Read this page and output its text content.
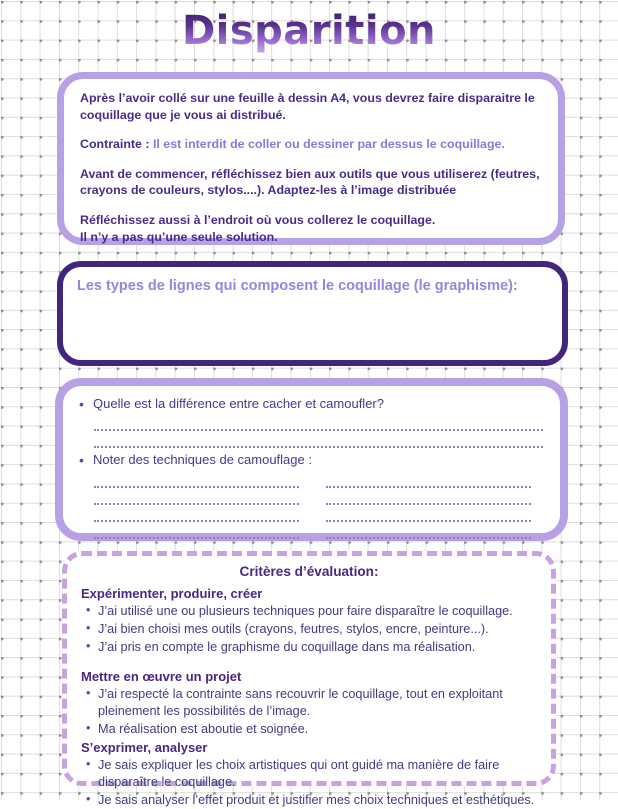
Disparition

Après l’avoir collé sur une feuille à dessin A4, vous devrez faire disparaitre le coquillage que je vous ai distribué.

Contrainte : Il est interdit de coller ou dessiner par dessus le coquillage.

Avant de commencer, réfléchissez bien aux outils que vous utiliserez (feutres, crayons de couleurs, stylos....). Adaptez-les à l’image distribuée

Réfléchissez aussi à l’endroit où vous collerez le coquillage.
Il n’y a pas qu’une seule solution.

Les types de lignes qui composent le coquillage (le graphisme):
• Quelle est la différence entre cacher et camoufler?
• Noter des techniques de camouflage :
Critères d’évaluation:
Expérimenter, produire, créer
• J’ai utilisé une ou plusieurs techniques pour faire disparaître le coquillage.
• J’ai bien choisi mes outils (crayons, feutres, stylos, encre, peinture...).
• J’ai pris en compte le graphisme du coquillage dans ma réalisation.
Mettre en œuvre un projet
• J’ai respecté la contrainte sans recouvrir le coquillage, tout en exploitant pleinement les possibilités de l’image.
• Ma réalisation est aboutie et soignée.
S’exprimer, analyser
• Je sais expliquer les choix artistiques qui ont guidé ma manière de faire disparaître le coquillage.
• Je sais analyser l’effet produit et justifier mes choix techniques et esthétiques.
